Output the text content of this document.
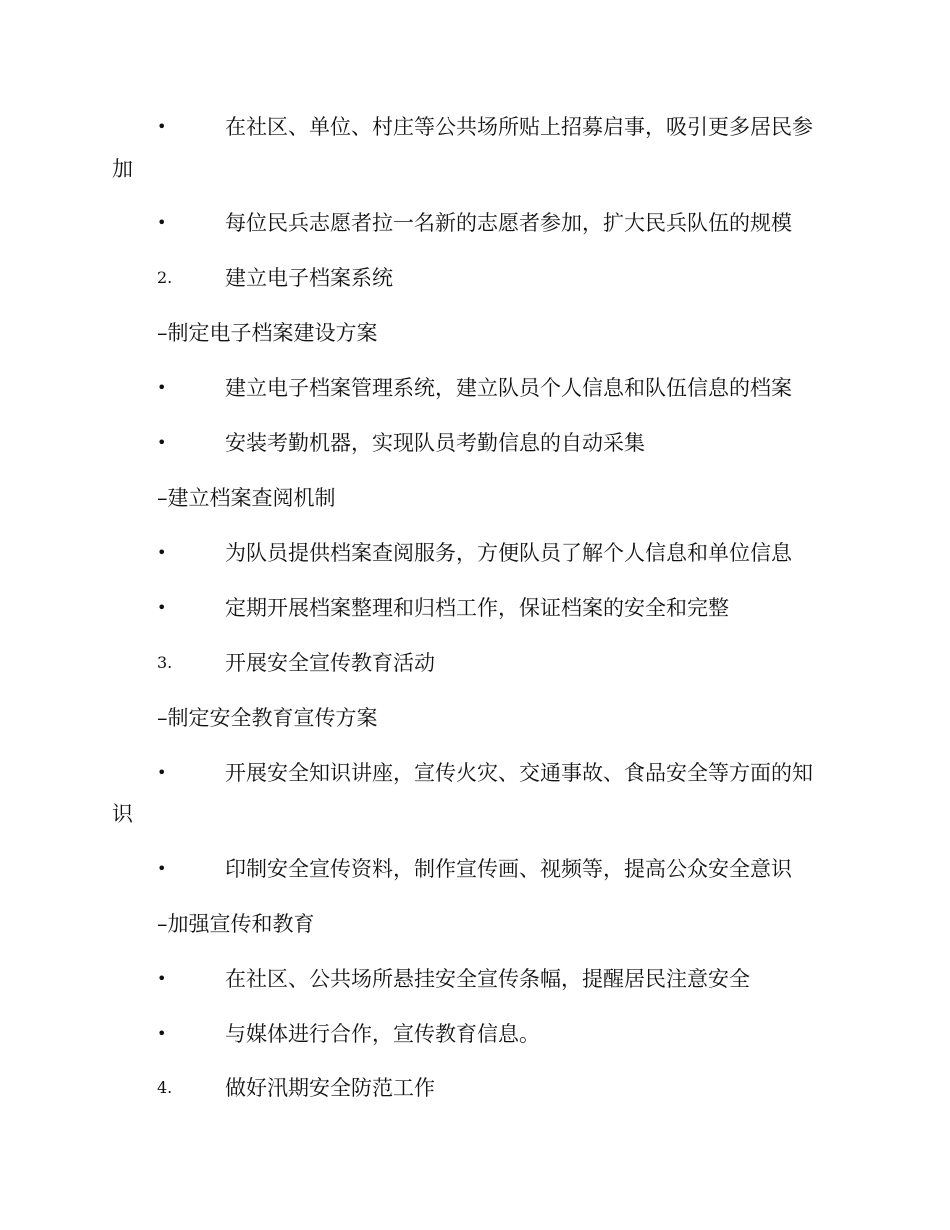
•	在社区、单位、村庄等公共场所贴上招募启事，吸引更多居民参
加
•	每位民兵志愿者拉一名新的志愿者参加，扩大民兵队伍的规模
2.	建立电子档案系统
–制定电子档案建设方案
•	建立电子档案管理系统，建立队员个人信息和队伍信息的档案
•	安装考勤机器，实现队员考勤信息的自动采集
–建立档案查阅机制
•	为队员提供档案查阅服务，方便队员了解个人信息和单位信息
•	定期开展档案整理和归档工作，保证档案的安全和完整
3.	开展安全宣传教育活动
–制定安全教育宣传方案
•	开展安全知识讲座，宣传火灾、交通事故、食品安全等方面的知
识
•	印制安全宣传资料，制作宣传画、视频等，提高公众安全意识
–加强宣传和教育
•	在社区、公共场所悬挂安全宣传条幅，提醒居民注意安全
•	与媒体进行合作，宣传教育信息。
4.	做好汛期安全防范工作
